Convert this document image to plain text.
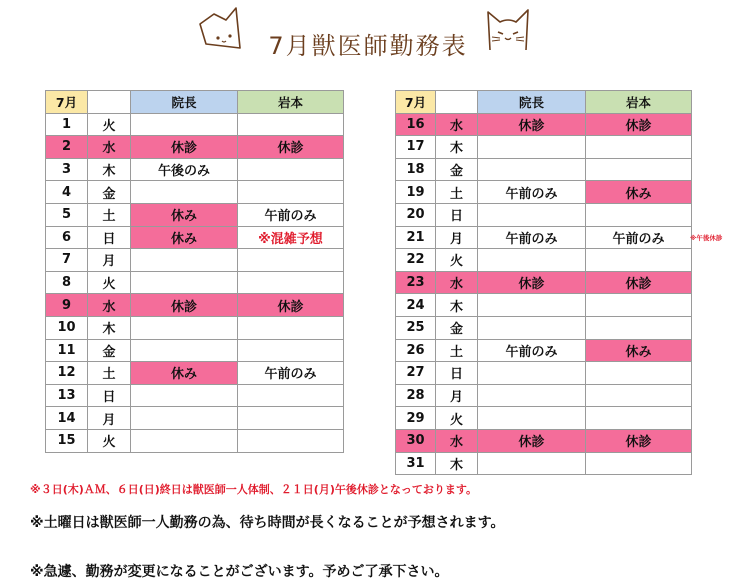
7月獣医師勤務表
7月		院長	岩本
1	火		
2	水	休診	休診
3	木	午後のみ	
4	金		
5	土	休み	午前のみ
6	日	休み	※混雑予想
7	月		
8	火		
9	水	休診	休診
10	木		
11	金		
12	土	休み	午前のみ
13	日		
14	月		
15	火		
7月		院長	岩本
16	水	休診	休診
17	木		
18	金		
19	土	午前のみ	休み
20	日		
21	月	午前のみ	午前のみ
22	火		
23	水	休診	休診
24	木		
25	金		
26	土	午前のみ	休み
27	日		
28	月		
29	火		
30	水	休診	休診
31	木		
※午後休診
※３日(木)ＡＭ、６日(日)終日は獣医師一人体制、２１日(月)午後休診となっております。
※土曜日は獣医師一人勤務の為、待ち時間が長くなることが予想されます。
※急遽、勤務が変更になることがございます。予めご了承下さい。
